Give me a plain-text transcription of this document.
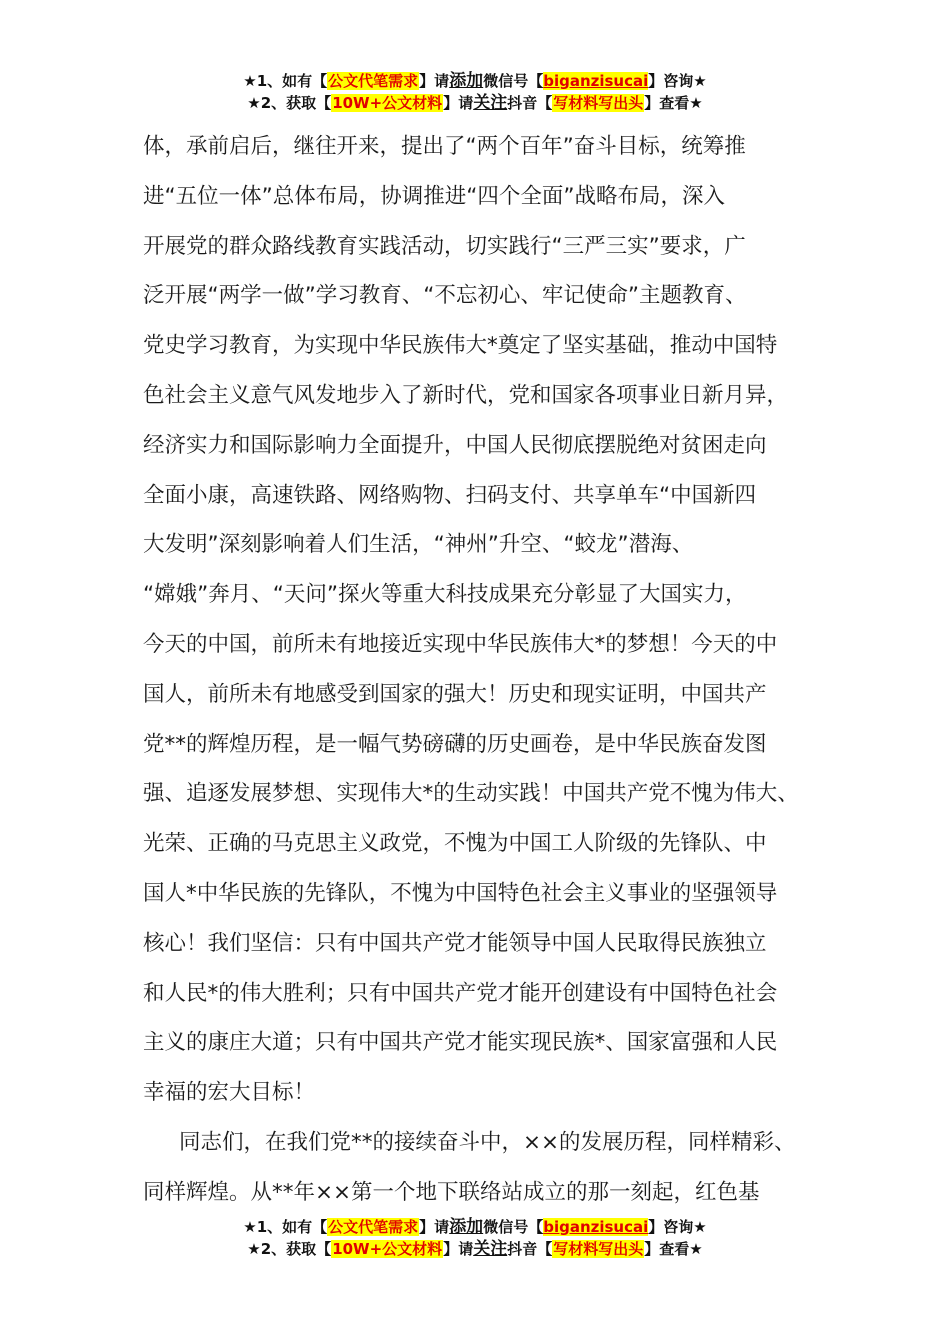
★1、如有【公文代笔需求】请添加微信号【biganzisucai】咨询★
★2、获取【10W+公文材料】请关注抖音【写材料写出头】查看★

体，承前启后，继往开来，提出了“两个百年”奋斗目标，统筹推
进“五位一体”总体布局，协调推进“四个全面”战略布局，深入
开展党的群众路线教育实践活动，切实践行“三严三实”要求，广
泛开展“两学一做”学习教育、“不忘初心、牢记使命”主题教育、
党史学习教育，为实现中华民族伟大*奠定了坚实基础，推动中国特
色社会主义意气风发地步入了新时代，党和国家各项事业日新月异，
经济实力和国际影响力全面提升，中国人民彻底摆脱绝对贫困走向
全面小康，高速铁路、网络购物、扫码支付、共享单车“中国新四
大发明”深刻影响着人们生活，“神州”升空、“蛟龙”潜海、
“嫦娥”奔月、“天问”探火等重大科技成果充分彰显了大国实力，
今天的中国，前所未有地接近实现中华民族伟大*的梦想！今天的中
国人，前所未有地感受到国家的强大！历史和现实证明，中国共产
党**的辉煌历程，是一幅气势磅礴的历史画卷，是中华民族奋发图
强、追逐发展梦想、实现伟大*的生动实践！中国共产党不愧为伟大、
光荣、正确的马克思主义政党，不愧为中国工人阶级的先锋队、中
国人*中华民族的先锋队，不愧为中国特色社会主义事业的坚强领导
核心！我们坚信：只有中国共产党才能领导中国人民取得民族独立
和人民*的伟大胜利；只有中国共产党才能开创建设有中国特色社会
主义的康庄大道；只有中国共产党才能实现民族*、国家富强和人民
幸福的宏大目标！

同志们，在我们党**的接续奋斗中，××的发展历程，同样精彩、
同样辉煌。从**年××第一个地下联络站成立的那一刻起，红色基

★1、如有【公文代笔需求】请添加微信号【biganzisucai】咨询★
★2、获取【10W+公文材料】请关注抖音【写材料写出头】查看★
